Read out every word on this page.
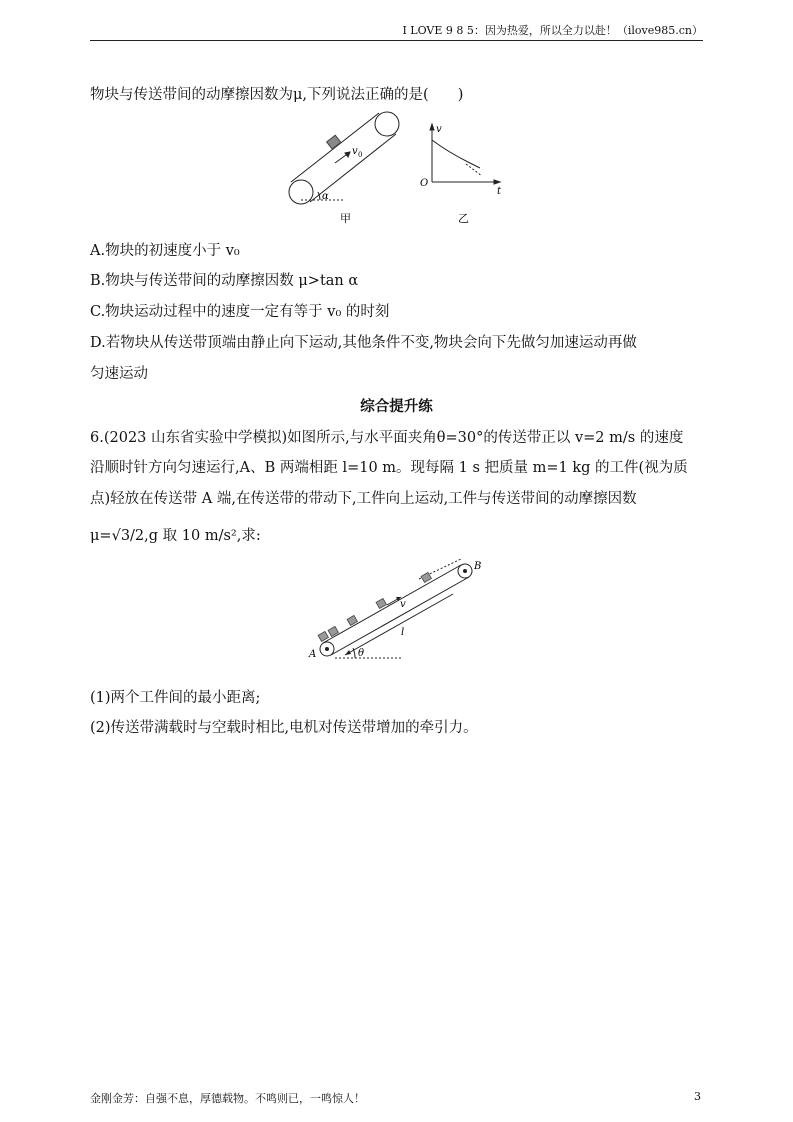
I LOVE 9 8 5：因为热爱，所以全力以赴！（ilove985.cn）
物块与传送带间的动摩擦因数为μ,下列说法正确的是(　　)
v 0
α
甲
v
O
t
乙
A.物块的初速度小于 v₀
B.物块与传送带间的动摩擦因数 μ>tan α
C.物块运动过程中的速度一定有等于 v₀ 的时刻
D.若物块从传送带顶端由静止向下运动,其他条件不变,物块会向下先做匀加速运动再做
匀速运动
综合提升练
6.(2023 山东省实验中学模拟)如图所示,与水平面夹角θ=30°的传送带正以 v=2 m/s 的速度
沿顺时针方向匀速运行,A、B 两端相距 l=10 m。现每隔 1 s 把质量 m=1 kg 的工件(视为质
点)轻放在传送带 A 端,在传送带的带动下,工件向上运动,工件与传送带间的动摩擦因数
μ=√3/2,g 取 10 m/s²,求:
A
B
v
l
θ
(1)两个工件间的最小距离;
(2)传送带满载时与空载时相比,电机对传送带增加的牵引力。
金刚金芳：自强不息，厚德载物。不鸣则已，一鸣惊人！	3
